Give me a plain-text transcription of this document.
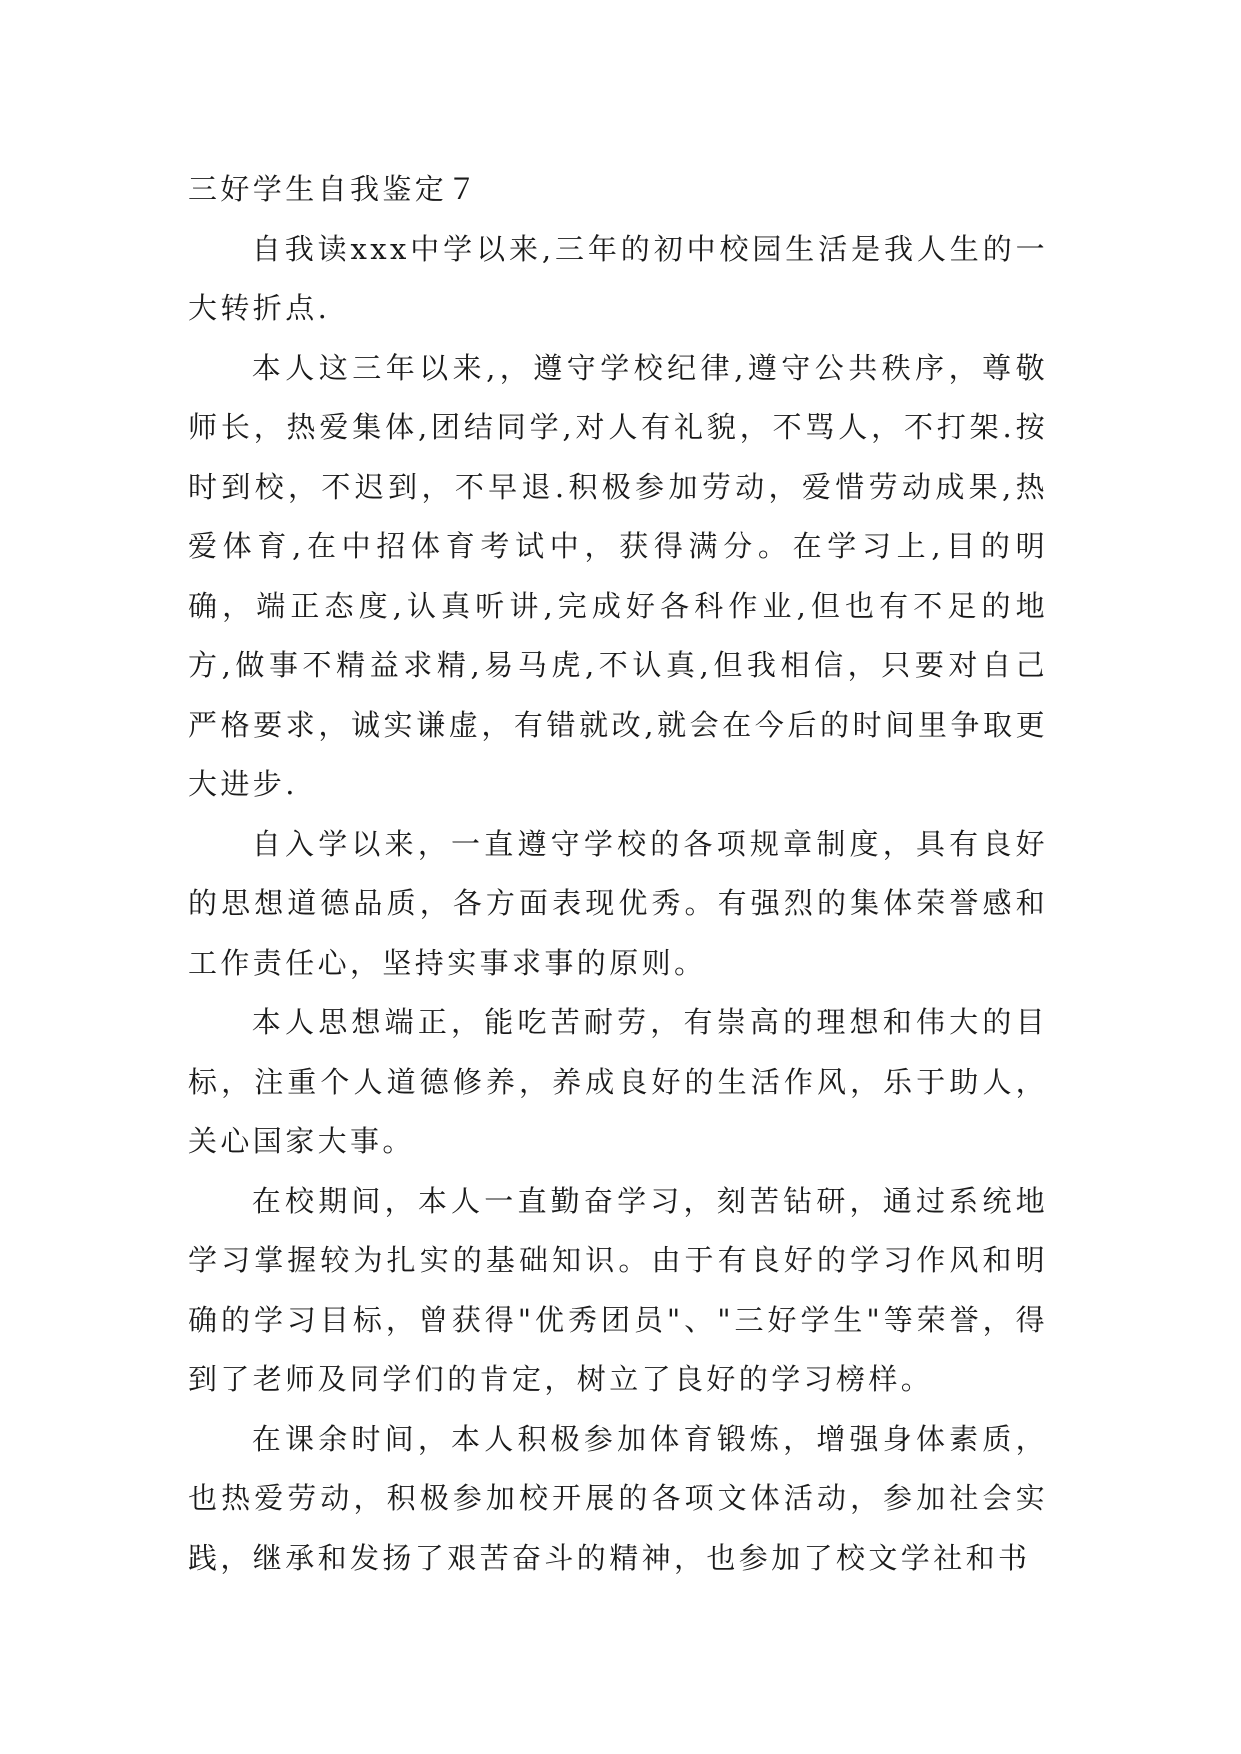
三好学生自我鉴定７

自我读xxx中学以来,三年的初中校园生活是我人生的一大转折点.

本人这三年以来,，遵守学校纪律,遵守公共秩序，尊敬师长，热爱集体,团结同学,对人有礼貌，不骂人，不打架.按时到校，不迟到，不早退.积极参加劳动，爱惜劳动成果,热爱体育,在中招体育考试中，获得满分。在学习上,目的明确，端正态度,认真听讲,完成好各科作业,但也有不足的地方,做事不精益求精,易马虎,不认真,但我相信，只要对自己严格要求，诚实谦虚，有错就改,就会在今后的时间里争取更大进步.

自入学以来，一直遵守学校的各项规章制度，具有良好的思想道德品质，各方面表现优秀。有强烈的集体荣誉感和工作责任心，坚持实事求事的原则。

本人思想端正，能吃苦耐劳，有崇高的理想和伟大的目标，注重个人道德修养，养成良好的生活作风，乐于助人，关心国家大事。

在校期间，本人一直勤奋学习，刻苦钻研，通过系统地学习掌握较为扎实的基础知识。由于有良好的学习作风和明确的学习目标，曾获得"优秀团员"、"三好学生"等荣誉，得到了老师及同学们的肯定，树立了良好的学习榜样。

在课余时间，本人积极参加体育锻炼，增强身体素质，也热爱劳动，积极参加校开展的各项文体活动，参加社会实践，继承和发扬了艰苦奋斗的精神，也参加了校文学社和书
